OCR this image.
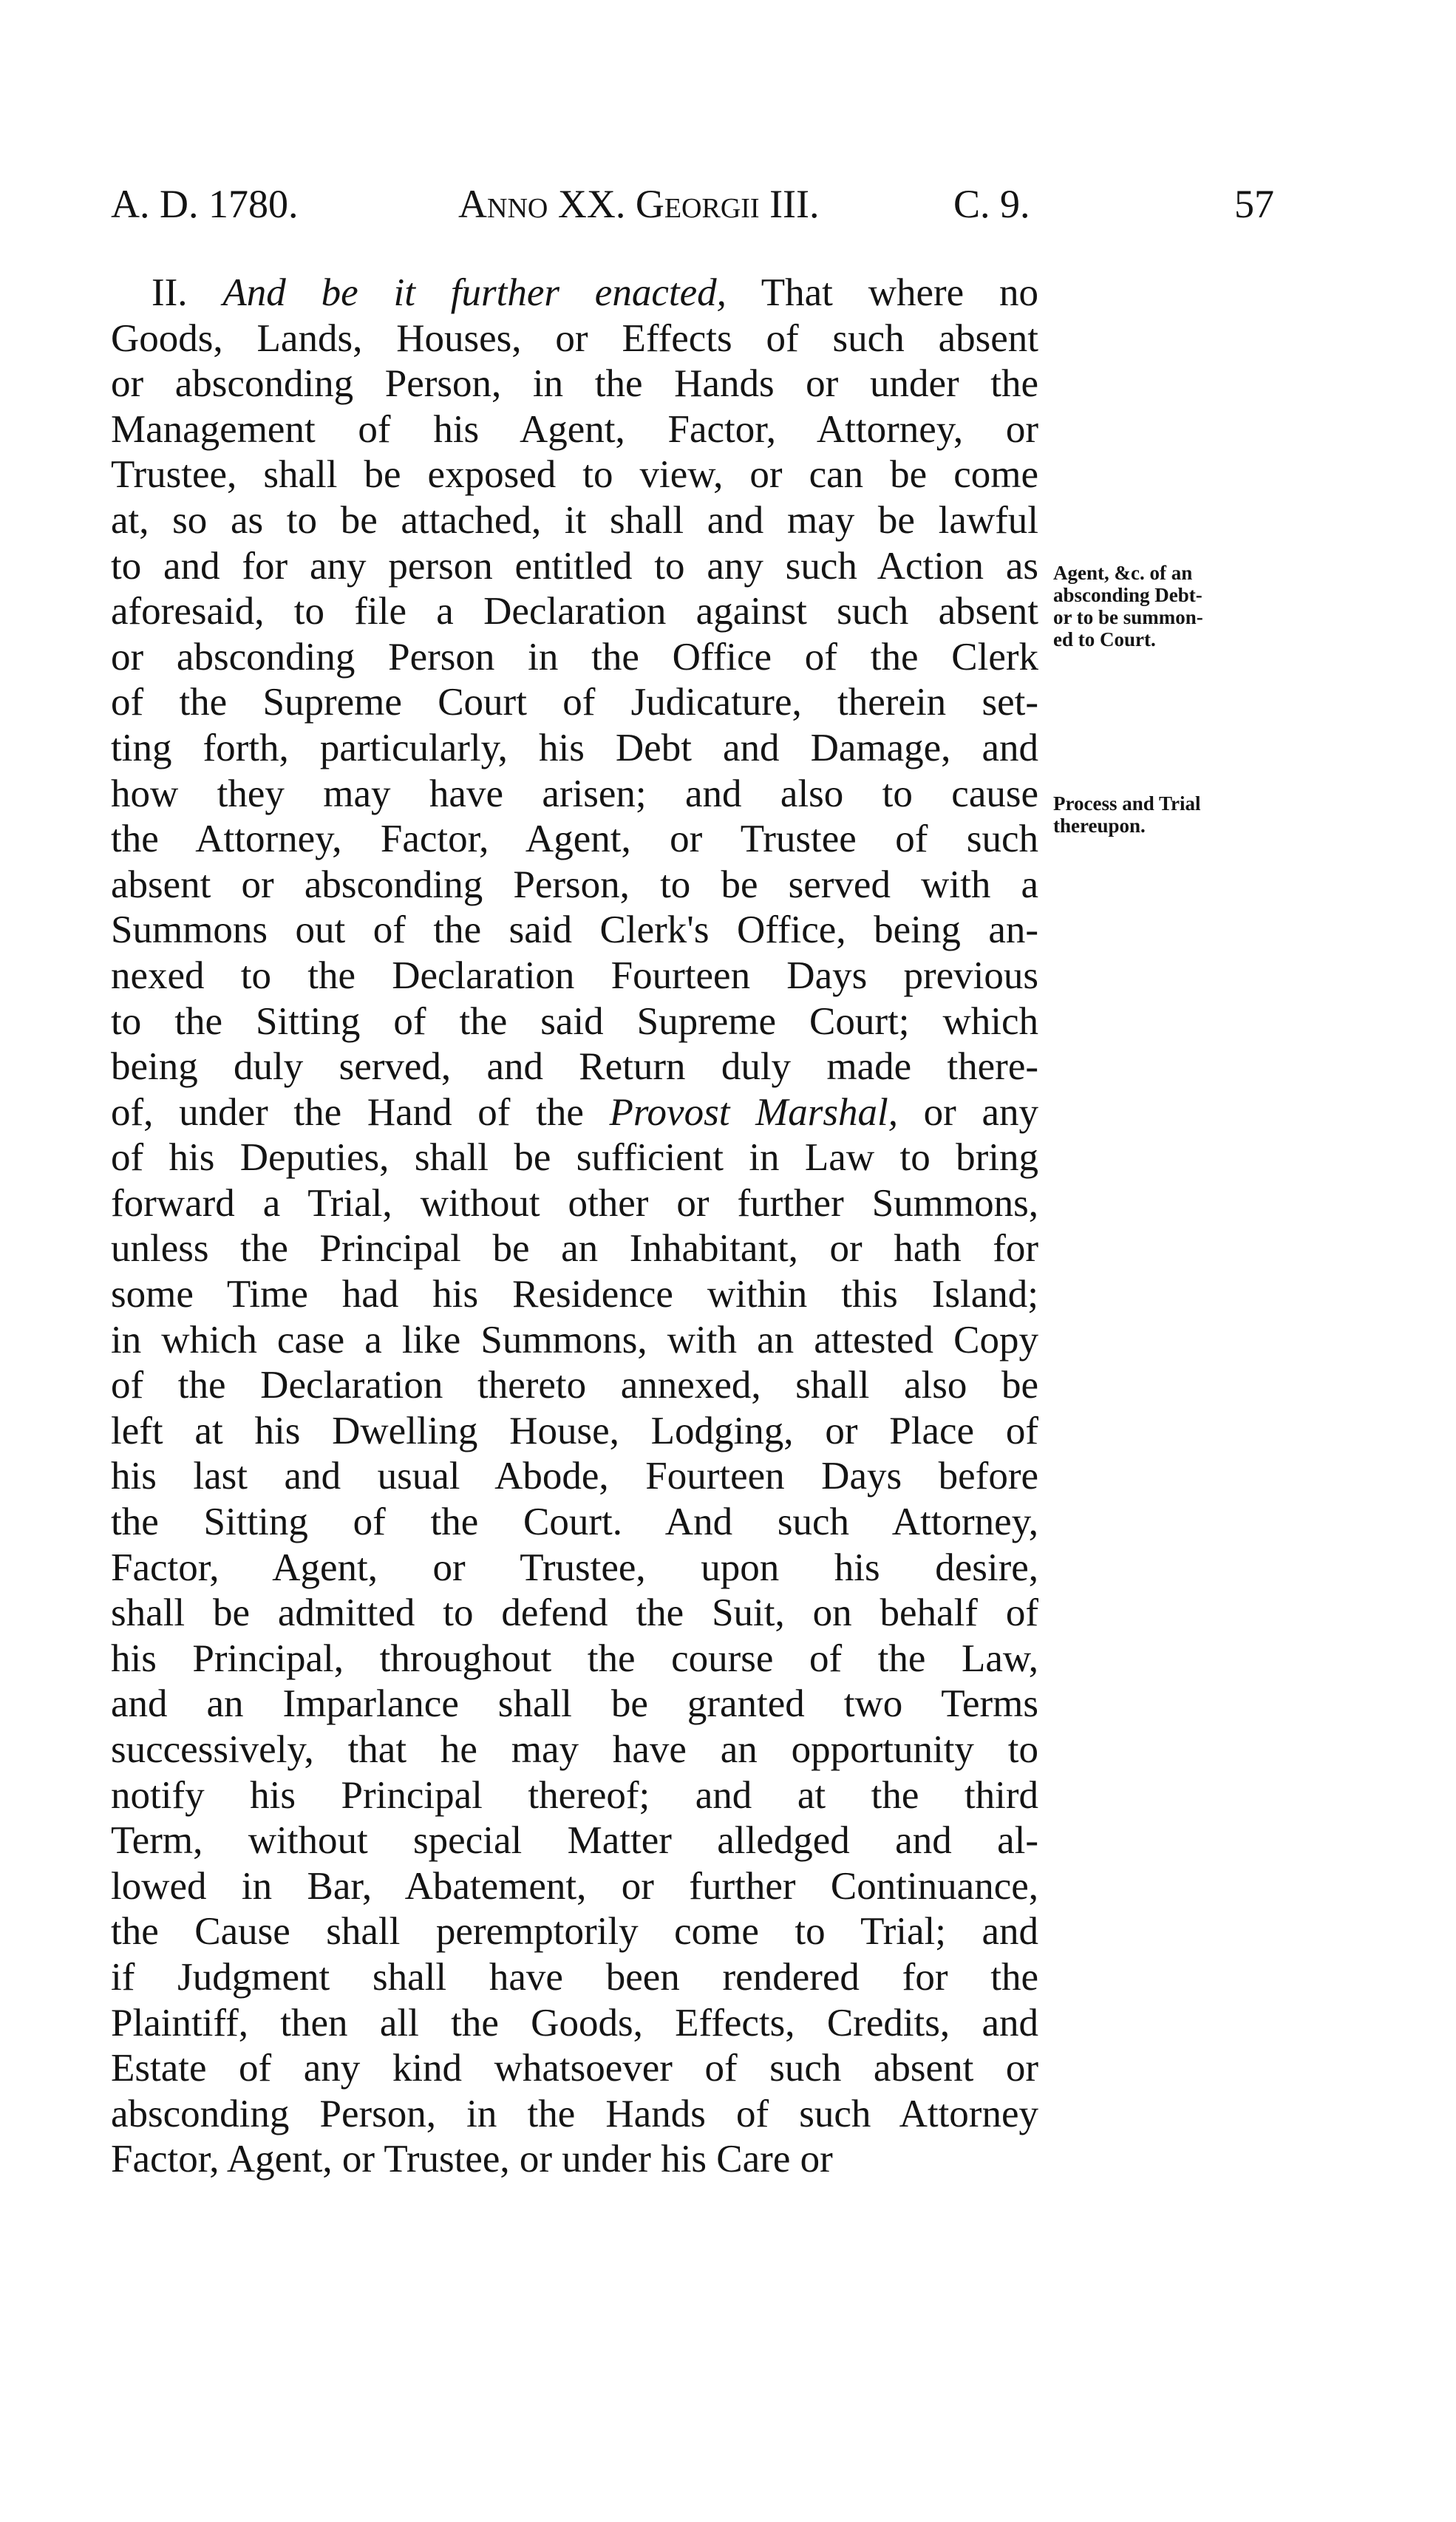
A. D. 1780.	Anno XX. Georgii III.	C. 9.	57
II. And be it further enacted, That where no
Goods, Lands, Houses, or Effects of such absent
or absconding Person, in the Hands or under the
Management of his Agent, Factor, Attorney, or
Trustee, shall be exposed to view, or can be come
at, so as to be attached, it shall and may be lawful
to and for any person entitled to any such Action as
aforesaid, to file a Declaration against such absent
or absconding Person in the Office of the Clerk
of the Supreme Court of Judicature, therein set-
ting forth, particularly, his Debt and Damage, and
how they may have arisen; and also to cause
the Attorney, Factor, Agent, or Trustee of such
absent or absconding Person, to be served with a
Summons out of the said Clerk's Office, being an-
nexed to the Declaration Fourteen Days previous
to the Sitting of the said Supreme Court; which
being duly served, and Return duly made there-
of, under the Hand of the Provost Marshal, or any
of his Deputies, shall be sufficient in Law to bring
forward a Trial, without other or further Summons,
unless the Principal be an Inhabitant, or hath for
some Time had his Residence within this Island;
in which case a like Summons, with an attested Copy
of the Declaration thereto annexed, shall also be
left at his Dwelling House, Lodging, or Place of
his last and usual Abode, Fourteen Days before
the Sitting of the Court. And such Attorney,
Factor, Agent, or Trustee, upon his desire,
shall be admitted to defend the Suit, on behalf of
his Principal, throughout the course of the Law,
and an Imparlance shall be granted two Terms
successively, that he may have an opportunity to
notify his Principal thereof; and at the third
Term, without special Matter alledged and al-
lowed in Bar, Abatement, or further Continuance,
the Cause shall peremptorily come to Trial; and
if Judgment shall have been rendered for the
Plaintiff, then all the Goods, Effects, Credits, and
Estate of any kind whatsoever of such absent or
absconding Person, in the Hands of such Attorney
Factor, Agent, or Trustee, or under his Care or
Agent, &c. of an
absconding Debt-
or to be summon-
ed to Court.
Process and Trial
thereupon.
